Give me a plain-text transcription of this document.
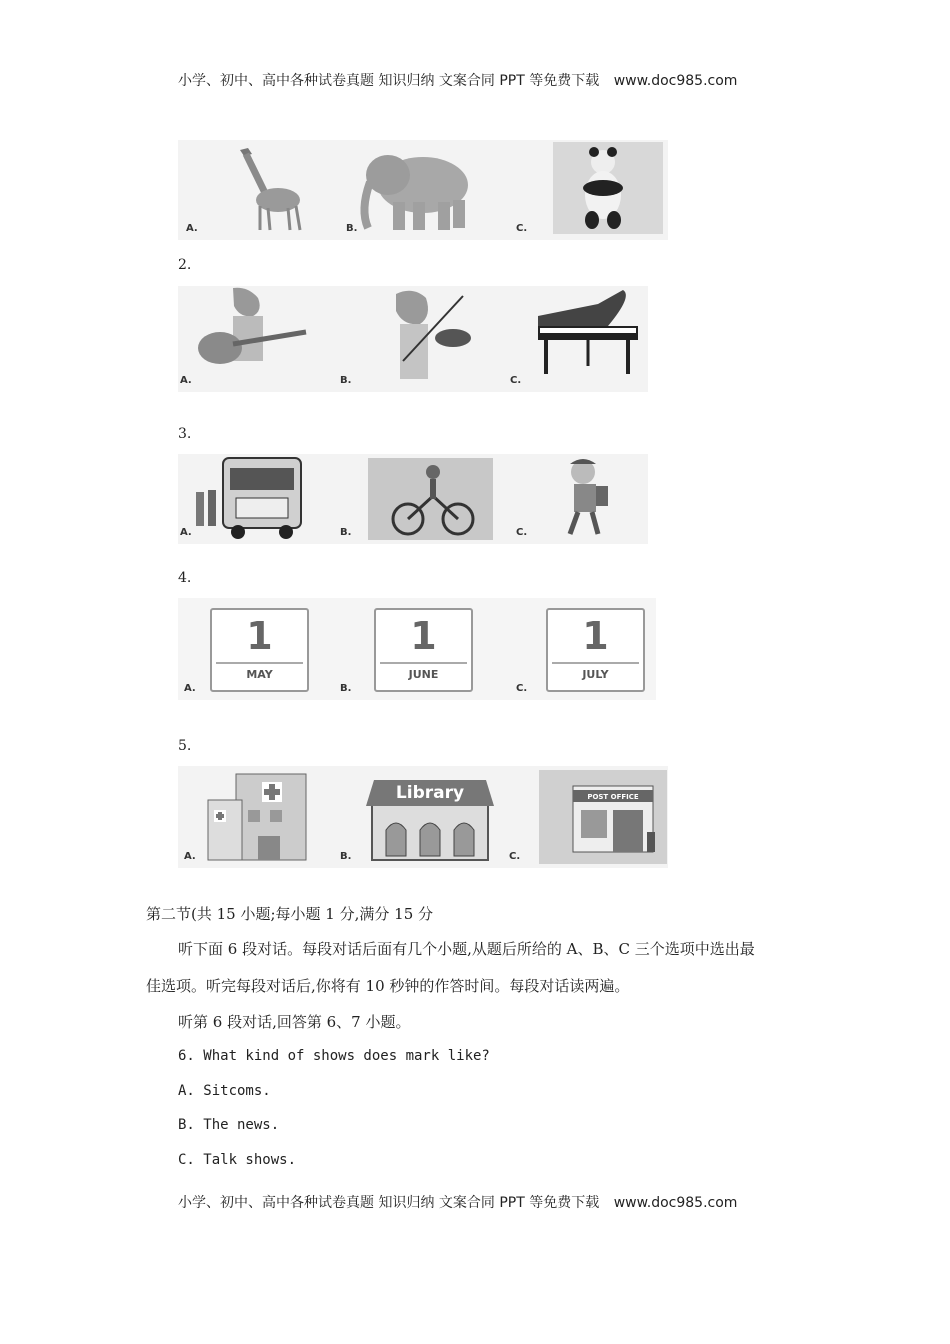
小学、初中、高中各种试卷真题 知识归纳 文案合同 PPT 等免费下载 www.doc985.com
A.	B.	C.
2.
A.	B.	C.
3.
A.	B.	C.
4.
1
MAY
A.
1
JUNE
B.
1
JULY
C.
5.
A.
Library
B.
POST OFFICE
C.
第二节(共 15 小题;每小题 1 分,满分 15 分
听下面 6 段对话。每段对话后面有几个小题,从题后所给的 A、B、C 三个选项中选出最
佳选项。听完每段对话后,你将有 10 秒钟的作答时间。每段对话读两遍。
听第 6 段对话,回答第 6、7 小题。
6. What kind of shows does mark like?
A. Sitcoms.
B. The news.
C. Talk shows.
小学、初中、高中各种试卷真题 知识归纳 文案合同 PPT 等免费下载 www.doc985.com
